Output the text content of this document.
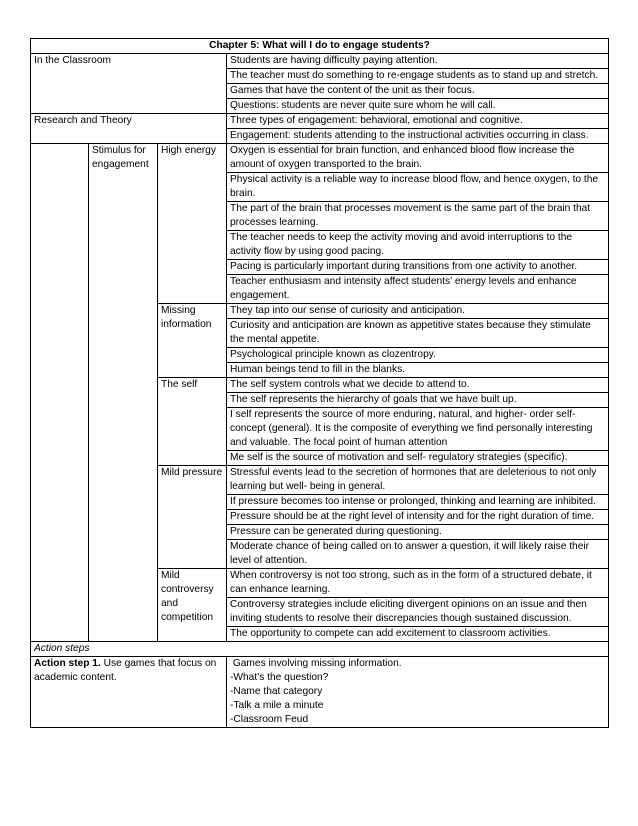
Chapter 5: What will I do to engage students?			
In the Classroom			Students are having difficulty paying attention.
			The teacher must do something to re-engage students as to stand up and stretch.
			Games that have the content of the unit as their focus.
			Questions: students are never quite sure whom he will call.
Research and Theory			Three types of engagement: behavioral, emotional and cognitive.
			Engagement: students attending to the instructional activities occurring in class.
	Stimulus for engagement	High energy	Oxygen is essential for brain function, and enhanced blood flow increase the amount of oxygen transported to the brain.
			Physical activity is a reliable way to increase blood flow, and hence oxygen, to the brain.
			The part of the brain that processes movement is the same part of the brain that processes learning.
			The teacher needs to keep the activity moving and avoid interruptions to the activity flow by using good pacing.
			Pacing is particularly important during transitions from one activity to another.
			Teacher enthusiasm and intensity affect students’ energy levels and enhance engagement.
		Missing information	They tap into our sense of curiosity and anticipation.
			Curiosity and anticipation are known as appetitive states because they stimulate the mental appetite.
			Psychological principle known as clozentropy.
			Human beings tend to fill in the blanks.
		The self	The self system controls what we decide to attend to.
			The self represents the hierarchy of goals that we have built up.
			I self represents the source of more enduring, natural, and higher- order self-concept (general). It is the composite of everything we find personally interesting and valuable. The focal point of human attention
			Me self is the source of motivation and self- regulatory strategies (specific).
		Mild pressure	Stressful events lead to the secretion of hormones that are deleterious to not only learning but well- being in general.
			If pressure becomes too intense or prolonged, thinking and learning are inhibited.
			Pressure should be at the right level of intensity and for the right duration of time.
			Pressure can be generated during questioning.
			Moderate chance of being called on to answer a question, it will likely raise their level of attention.
		Mild controversy and competition	When controversy is not too strong, such as in the form of a structured debate, it can enhance learning.
			Controversy strategies include eliciting divergent opinions on an issue and then inviting students to resolve their discrepancies though sustained discussion.
			The opportunity to compete can add excitement to classroom activities.
Action steps			
Action step 1. Use games that focus on academic content.			Games involving missing information.
-What’s the question?
-Name that category
-Talk a mile a minute
-Classroom Feud
